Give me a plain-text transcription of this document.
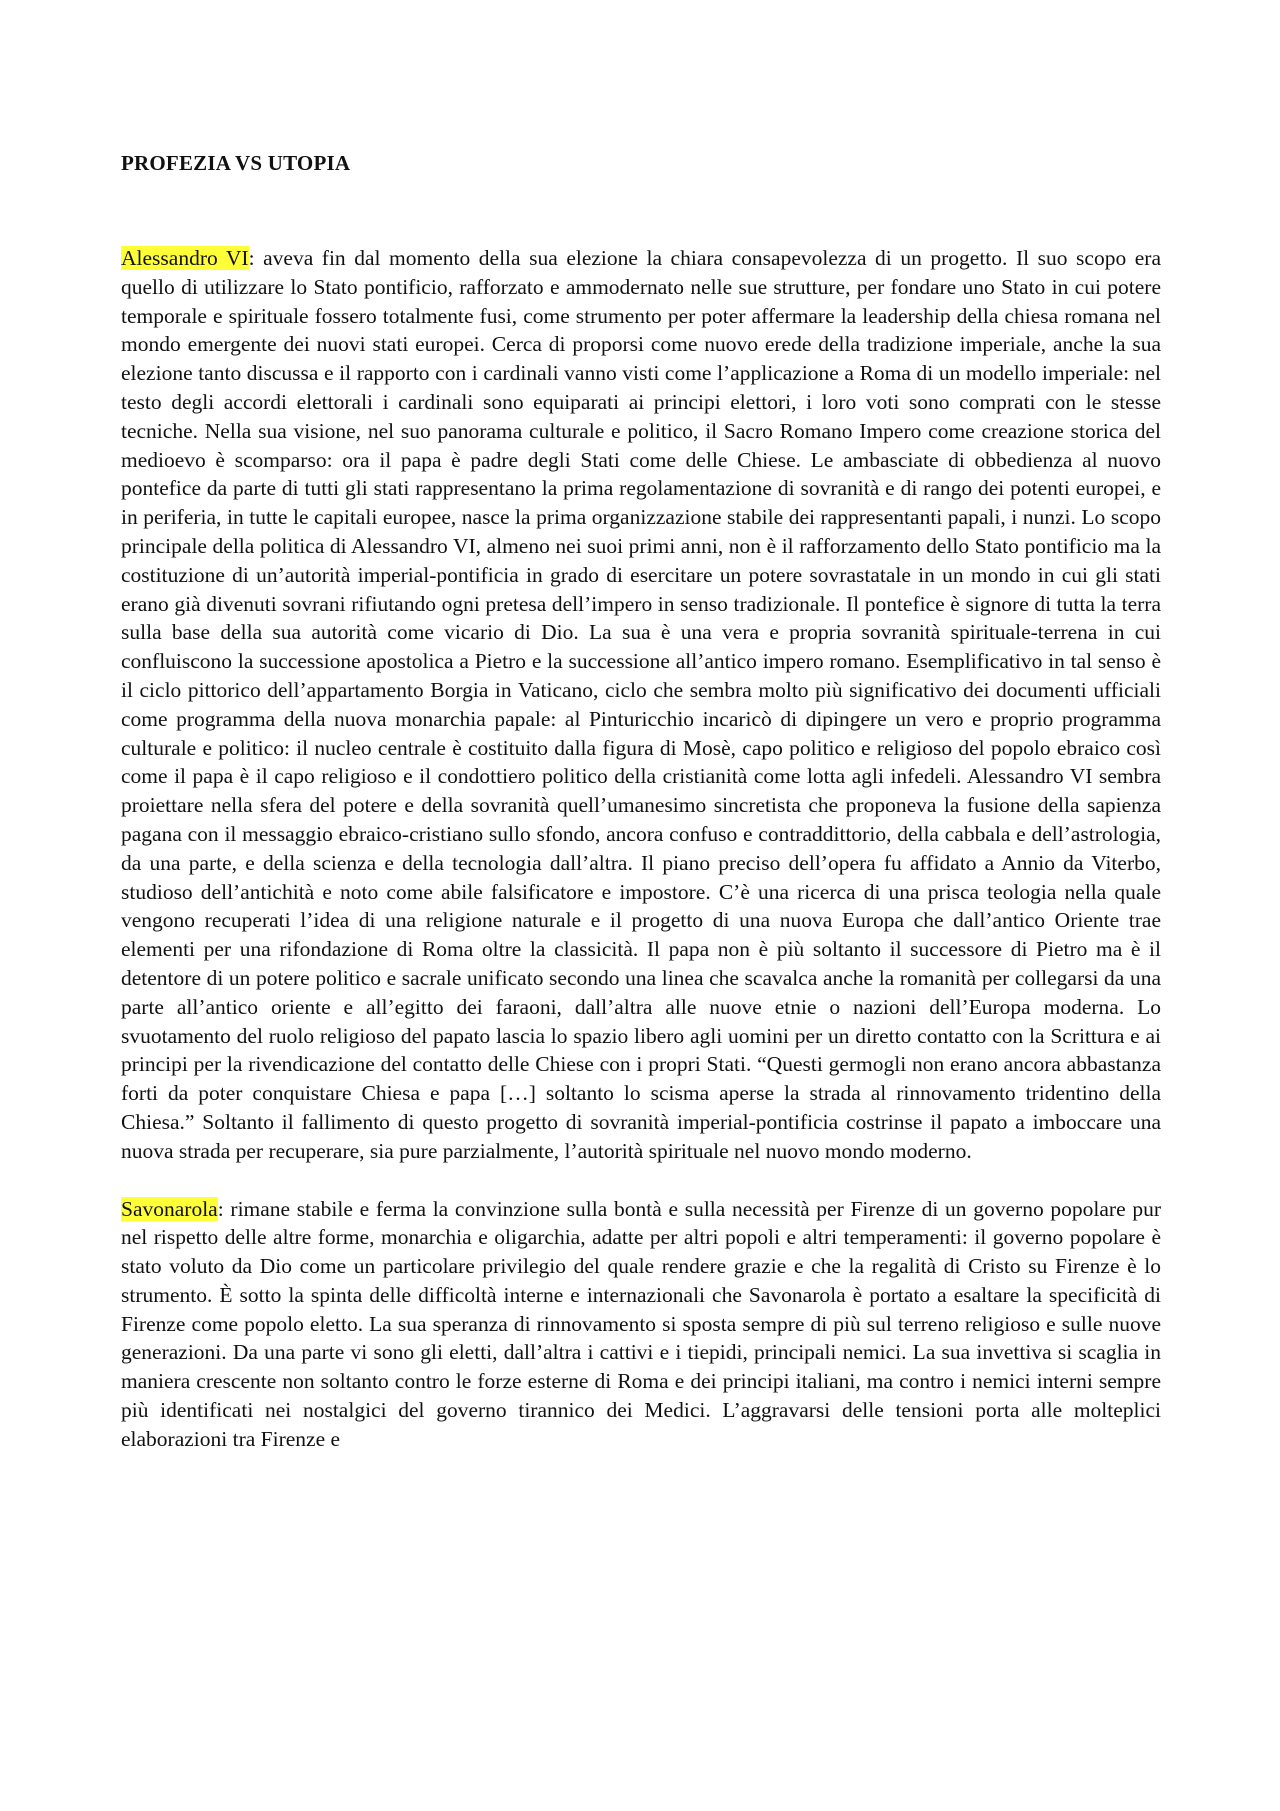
PROFEZIA VS UTOPIA

Alessandro VI: aveva fin dal momento della sua elezione la chiara consapevolezza di un progetto. Il suo scopo era quello di utilizzare lo Stato pontificio, rafforzato e ammodernato nelle sue strutture, per fondare uno Stato in cui potere temporale e spirituale fossero totalmente fusi, come strumento per poter affermare la leadership della chiesa romana nel mondo emergente dei nuovi stati europei. Cerca di proporsi come nuovo erede della tradizione imperiale, anche la sua elezione tanto discussa e il rapporto con i cardinali vanno visti come l’applicazione a Roma di un modello imperiale: nel testo degli accordi elettorali i cardinali sono equiparati ai principi elettori, i loro voti sono comprati con le stesse tecniche. Nella sua visione, nel suo panorama culturale e politico, il Sacro Romano Impero come creazione storica del medioevo è scomparso: ora il papa è padre degli Stati come delle Chiese. Le ambasciate di obbedienza al nuovo pontefice da parte di tutti gli stati rappresentano la prima regolamentazione di sovranità e di rango dei potenti europei, e in periferia, in tutte le capitali europee, nasce la prima organizzazione stabile dei rappresentanti papali, i nunzi. Lo scopo principale della politica di Alessandro VI, almeno nei suoi primi anni, non è il rafforzamento dello Stato pontificio ma la costituzione di un’autorità imperial-pontificia in grado di esercitare un potere sovrastatale in un mondo in cui gli stati erano già divenuti sovrani rifiutando ogni pretesa dell’impero in senso tradizionale. Il pontefice è signore di tutta la terra sulla base della sua autorità come vicario di Dio. La sua è una vera e propria sovranità spirituale-terrena in cui confluiscono la successione apostolica a Pietro e la successione all’antico impero romano. Esemplificativo in tal senso è il ciclo pittorico dell’appartamento Borgia in Vaticano, ciclo che sembra molto più significativo dei documenti ufficiali come programma della nuova monarchia papale: al Pinturicchio incaricò di dipingere un vero e proprio programma culturale e politico: il nucleo centrale è costituito dalla figura di Mosè, capo politico e religioso del popolo ebraico così come il papa è il capo religioso e il condottiero politico della cristianità come lotta agli infedeli. Alessandro VI sembra proiettare nella sfera del potere e della sovranità quell’umanesimo sincretista che proponeva la fusione della sapienza pagana con il messaggio ebraico-cristiano sullo sfondo, ancora confuso e contraddittorio, della cabbala e dell’astrologia, da una parte, e della scienza e della tecnologia dall’altra. Il piano preciso dell’opera fu affidato a Annio da Viterbo, studioso dell’antichità e noto come abile falsificatore e impostore. C’è una ricerca di una prisca teologia nella quale vengono recuperati l’idea di una religione naturale e il progetto di una nuova Europa che dall’antico Oriente trae elementi per una rifondazione di Roma oltre la classicità. Il papa non è più soltanto il successore di Pietro ma è il detentore di un potere politico e sacrale unificato secondo una linea che scavalca anche la romanità per collegarsi da una parte all’antico oriente e all’egitto dei faraoni, dall’altra alle nuove etnie o nazioni dell’Europa moderna. Lo svuotamento del ruolo religioso del papato lascia lo spazio libero agli uomini per un diretto contatto con la Scrittura e ai principi per la rivendicazione del contatto delle Chiese con i propri Stati. “Questi germogli non erano ancora abbastanza forti da poter conquistare Chiesa e papa […] soltanto lo scisma aperse la strada al rinnovamento tridentino della Chiesa.” Soltanto il fallimento di questo progetto di sovranità imperial-pontificia costrinse il papato a imboccare una nuova strada per recuperare, sia pure parzialmente, l’autorità spirituale nel nuovo mondo moderno.

Savonarola: rimane stabile e ferma la convinzione sulla bontà e sulla necessità per Firenze di un governo popolare pur nel rispetto delle altre forme, monarchia e oligarchia, adatte per altri popoli e altri temperamenti: il governo popolare è stato voluto da Dio come un particolare privilegio del quale rendere grazie e che la regalità di Cristo su Firenze è lo strumento. È sotto la spinta delle difficoltà interne e internazionali che Savonarola è portato a esaltare la specificità di Firenze come popolo eletto. La sua speranza di rinnovamento si sposta sempre di più sul terreno religioso e sulle nuove generazioni. Da una parte vi sono gli eletti, dall’altra i cattivi e i tiepidi, principali nemici. La sua invettiva si scaglia in maniera crescente non soltanto contro le forze esterne di Roma e dei principi italiani, ma contro i nemici interni sempre più identificati nei nostalgici del governo tirannico dei Medici. L’aggravarsi delle tensioni porta alle molteplici elaborazioni tra Firenze e
